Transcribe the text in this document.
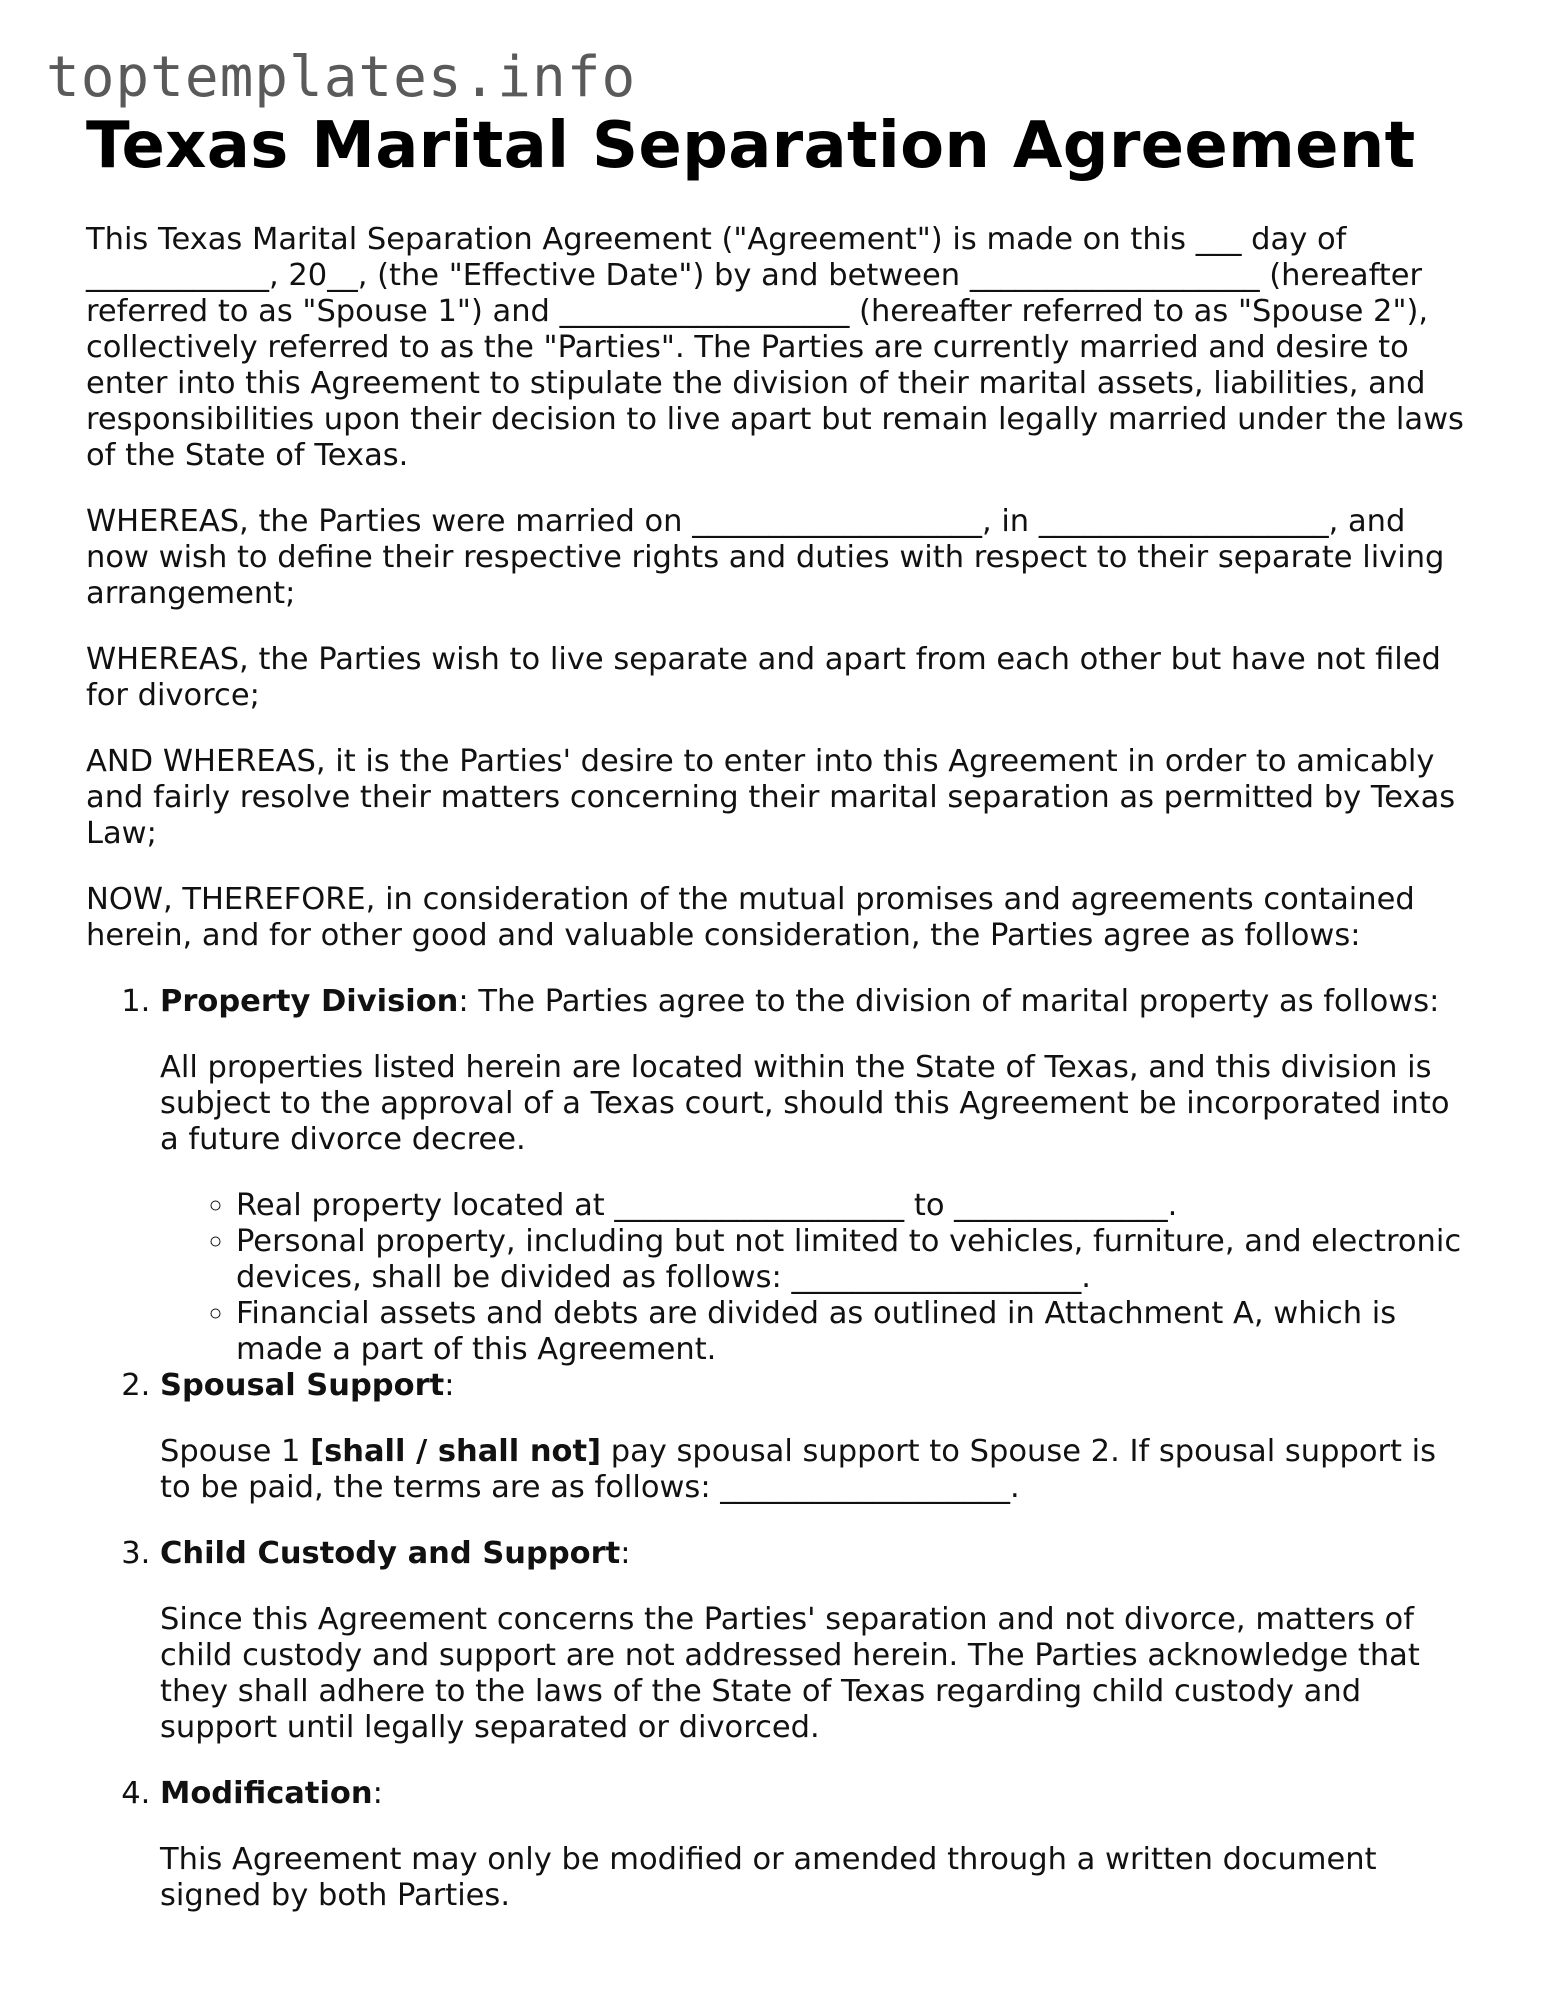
toptemplates.info
Texas Marital Separation Agreement

This Texas Marital Separation Agreement ("Agreement") is made on this ___ day of ____________, 20__, (the "Effective Date") by and between ___________________ (hereafter referred to as "Spouse 1") and ___________________ (hereafter referred to as "Spouse 2"), collectively referred to as the "Parties". The Parties are currently married and desire to enter into this Agreement to stipulate the division of their marital assets, liabilities, and responsibilities upon their decision to live apart but remain legally married under the laws of the State of Texas.

WHEREAS, the Parties were married on ___________________, in ___________________, and now wish to define their respective rights and duties with respect to their separate living arrangement;

WHEREAS, the Parties wish to live separate and apart from each other but have not filed for divorce;

AND WHEREAS, it is the Parties' desire to enter into this Agreement in order to amicably and fairly resolve their matters concerning their marital separation as permitted by Texas Law;

NOW, THEREFORE, in consideration of the mutual promises and agreements contained herein, and for other good and valuable consideration, the Parties agree as follows:

1. Property Division: The Parties agree to the division of marital property as follows:

All properties listed herein are located within the State of Texas, and this division is subject to the approval of a Texas court, should this Agreement be incorporated into a future divorce decree.

◦ Real property located at ___________________ to ______________.
◦ Personal property, including but not limited to vehicles, furniture, and electronic devices, shall be divided as follows: ___________________.
◦ Financial assets and debts are divided as outlined in Attachment A, which is made a part of this Agreement.
2. Spousal Support:

Spouse 1 [shall / shall not] pay spousal support to Spouse 2. If spousal support is to be paid, the terms are as follows: ___________________.

3. Child Custody and Support:

Since this Agreement concerns the Parties' separation and not divorce, matters of child custody and support are not addressed herein. The Parties acknowledge that they shall adhere to the laws of the State of Texas regarding child custody and support until legally separated or divorced.

4. Modification:

This Agreement may only be modified or amended through a written document signed by both Parties.
